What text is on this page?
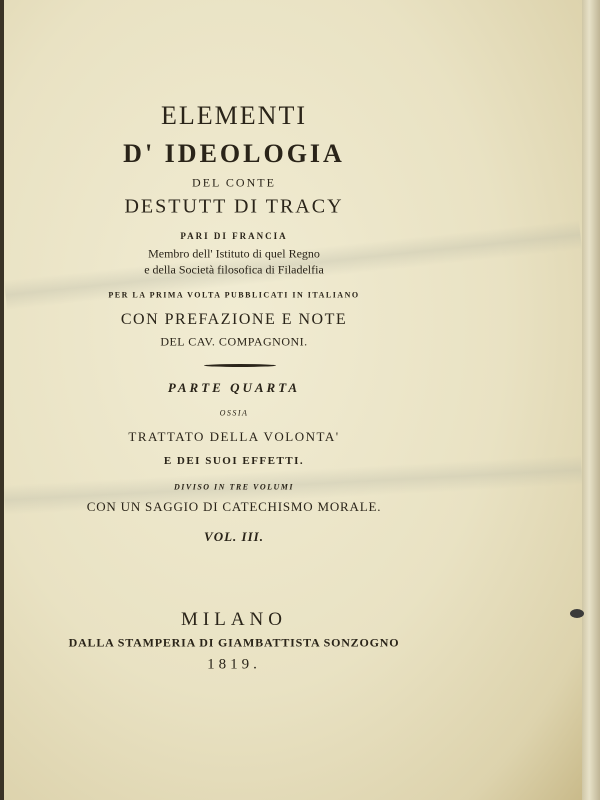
ELEMENTI
D' IDEOLOGIA
DEL CONTE
DESTUTT DI TRACY
PARI DI FRANCIA
Membro dell' Istituto di quel Regno
e della Società filosofica di Filadelfia
PER LA PRIMA VOLTA PUBBLICATI IN ITALIANO
CON PREFAZIONE E NOTE
DEL CAV. COMPAGNONI.
PARTE QUARTA
OSSIA
TRATTATO DELLA VOLONTA'
E DEI SUOI EFFETTI.
DIVISO IN TRE VOLUMI
CON UN SAGGIO DI CATECHISMO MORALE.
VOL. III.
MILANO
DALLA STAMPERIA DI GIAMBATTISTA SONZOGNO
1819.
